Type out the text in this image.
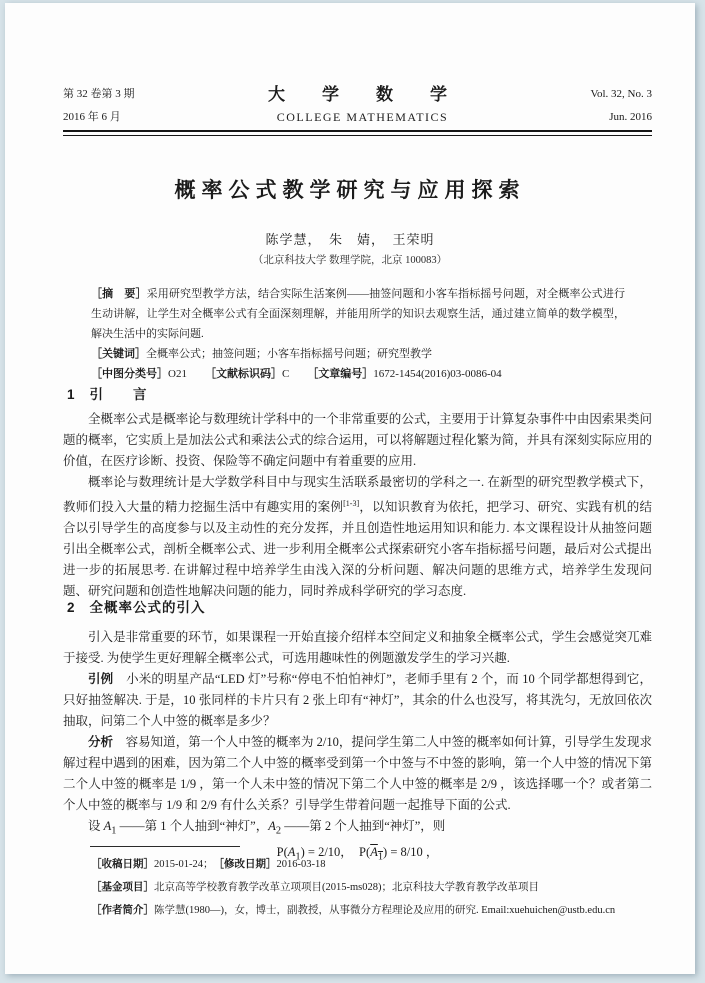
第 32 卷第 3 期
2016 年 6 月
大　学　数　学
COLLEGE MATHEMATICS
Vol. 32, No. 3
Jun. 2016
概率公式教学研究与应用探索
陈学慧，　朱　婧，　王荣明
（北京科技大学 数理学院，北京 100083）

［摘　要］采用研究型教学方法，结合实际生活案例——抽签问题和小客车指标摇号问题，对全概率公式进行生动讲解，让学生对全概率公式有全面深刻理解，并能用所学的知识去观察生活，通过建立简单的数学模型，解决生活中的实际问题.

［关键词］全概率公式；抽签问题；小客车指标摇号问题；研究型教学

［中图分类号］O21 ［文献标识码］C ［文章编号］1672-1454(2016)03-0086-04

1 引　　言

全概率公式是概率论与数理统计学科中的一个非常重要的公式，主要用于计算复杂事件中由因索果类问题的概率，它实质上是加法公式和乘法公式的综合运用，可以将解题过程化繁为简，并具有深刻实际应用的价值，在医疗诊断、投资、保险等不确定问题中有着重要的应用.

概率论与数理统计是大学数学科目中与现实生活联系最密切的学科之一. 在新型的研究型教学模式下，教师们投入大量的精力挖掘生活中有趣实用的案例[1-3]，以知识教育为依托，把学习、研究、实践有机的结合以引导学生的高度参与以及主动性的充分发挥，并且创造性地运用知识和能力. 本文课程设计从抽签问题引出全概率公式，剖析全概率公式、进一步利用全概率公式探索研究小客车指标摇号问题，最后对公式提出进一步的拓展思考. 在讲解过程中培养学生由浅入深的分析问题、解决问题的思维方式，培养学生发现问题、研究问题和创造性地解决问题的能力，同时养成科学研究的学习态度.

2 全概率公式的引入

引入是非常重要的环节，如果课程一开始直接介绍样本空间定义和抽象全概率公式，学生会感觉突兀难于接受. 为使学生更好理解全概率公式，可选用趣味性的例题激发学生的学习兴趣.

引例　 小米的明星产品“LED 灯”号称“停电不怕怕神灯”，老师手里有 2 个，而 10 个同学都想得到它，只好抽签解决. 于是，10 张同样的卡片只有 2 张上印有“神灯”，其余的什么也没写，将其洗匀，无放回依次抽取，问第二个人中签的概率是多少？

分析　 容易知道，第一个人中签的概率为 2/10，提问学生第二人中签的概率如何计算，引导学生发现求解过程中遇到的困难，因为第二个人中签的概率受到第一个中签与不中签的影响，第一个人中签的情况下第二个人中签的概率是 1/9 ，第一个人未中签的情况下第二个人中签的概率是 2/9 ，该选择哪一个？或者第二个人中签的概率与 1/9 和 2/9 有什么关系？引导学生带着问题一起推导下面的公式.

设 $A_1$ ——第 1 个人抽到“神灯”，$A_2$ ——第 2 个人抽到“神灯”，则

$P(A_1) = 2/10$，　$P(A_1) = 8/10$ ，

［收稿日期］2015-01-24；　 ［修改日期］2016-03-18

［基金项目］北京高等学校教育教学改革立项项目(2015-ms028)；北京科技大学教育教学改革项目

［作者简介］陈学慧(1980—)，女，博士，副教授，从事微分方程理论及应用的研究. Email:xuehuichen@ustb.edu.cn
